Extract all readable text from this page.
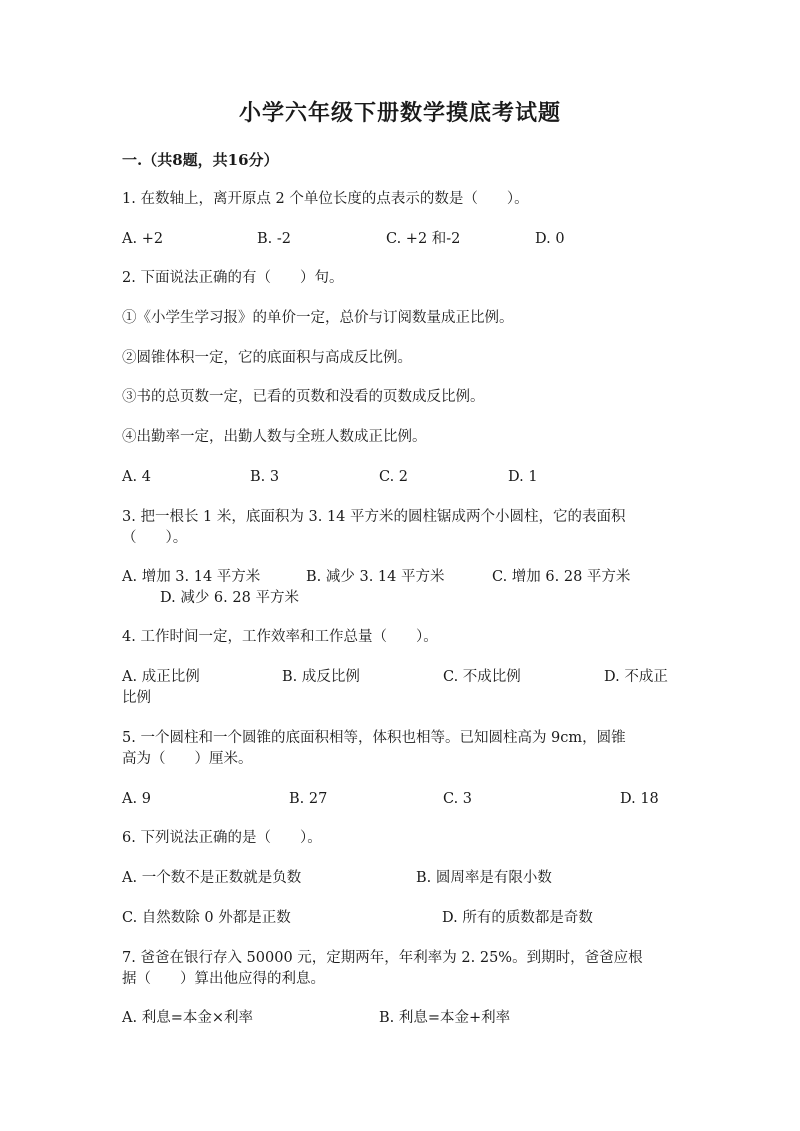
小学六年级下册数学摸底考试题
一.（共8题，共16分）
1. 在数轴上，离开原点 2 个单位长度的点表示的数是（　　）。
A. +2	B. -2	C. +2 和-2	D. 0
2. 下面说法正确的有（　　）句。
①《小学生学习报》的单价一定，总价与订阅数量成正比例。
②圆锥体积一定，它的底面积与高成反比例。
③书的总页数一定，已看的页数和没看的页数成反比例。
④出勤率一定，出勤人数与全班人数成正比例。
A. 4	B. 3	C. 2	D. 1
3. 把一根长 1 米，底面积为 3. 14 平方米的圆柱锯成两个小圆柱，它的表面积
（　　）。
A. 增加 3. 14 平方米	B. 减少 3. 14 平方米	C. 增加 6. 28 平方米
D. 减少 6. 28 平方米
4. 工作时间一定，工作效率和工作总量（　　）。
A. 成正比例	B. 成反比例	C. 不成比例	D. 不成正
比例
5. 一个圆柱和一个圆锥的底面积相等，体积也相等。已知圆柱高为 9cm，圆锥
高为（　　）厘米。
A. 9	B. 27	C. 3	D. 18
6. 下列说法正确的是（　　）。
A. 一个数不是正数就是负数	B. 圆周率是有限小数
C. 自然数除 0 外都是正数	D. 所有的质数都是奇数
7. 爸爸在银行存入 50000 元，定期两年，年利率为 2. 25%。到期时，爸爸应根
据（　　）算出他应得的利息。
A. 利息=本金×利率	B. 利息=本金+利率
